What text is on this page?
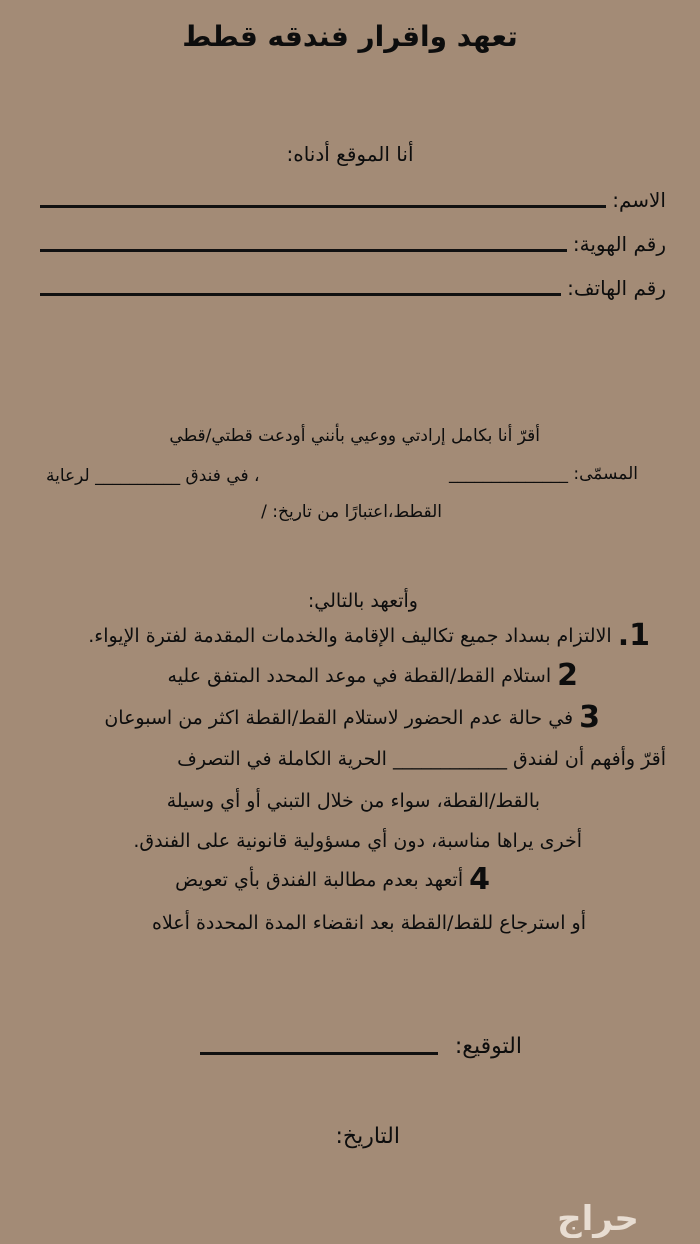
تعهد واقرار فندقه قطط
أنا الموقع أدناه:
الاسم:
رقم الهوية:
رقم الهاتف:
أقرّ أنا بكامل إرادتي ووعيي بأنني أودعت قطتي/قطي
المسمّى: ______________
، في فندق __________ لرعاية
القطط،اعتبارًا من تاريخ: /
وأتعهد بالتالي:
1.
الالتزام بسداد جميع تكاليف الإقامة والخدمات المقدمة لفترة الإيواء.
2
استلام القط/القطة في موعد المحدد المتفق عليه
3
في حالة عدم الحضور لاستلام القط/القطة اكثر من اسبوعان
أقرّ وأفهم أن لفندق ____________ الحرية الكاملة في التصرف
بالقط/القطة، سواء من خلال التبني أو أي وسيلة
أخرى يراها مناسبة، دون أي مسؤولية قانونية على الفندق.
4
أتعهد بعدم مطالبة الفندق بأي تعويض
أو استرجاع للقط/القطة بعد انقضاء المدة المحددة أعلاه
التوقيع:
التاريخ:
حراج
